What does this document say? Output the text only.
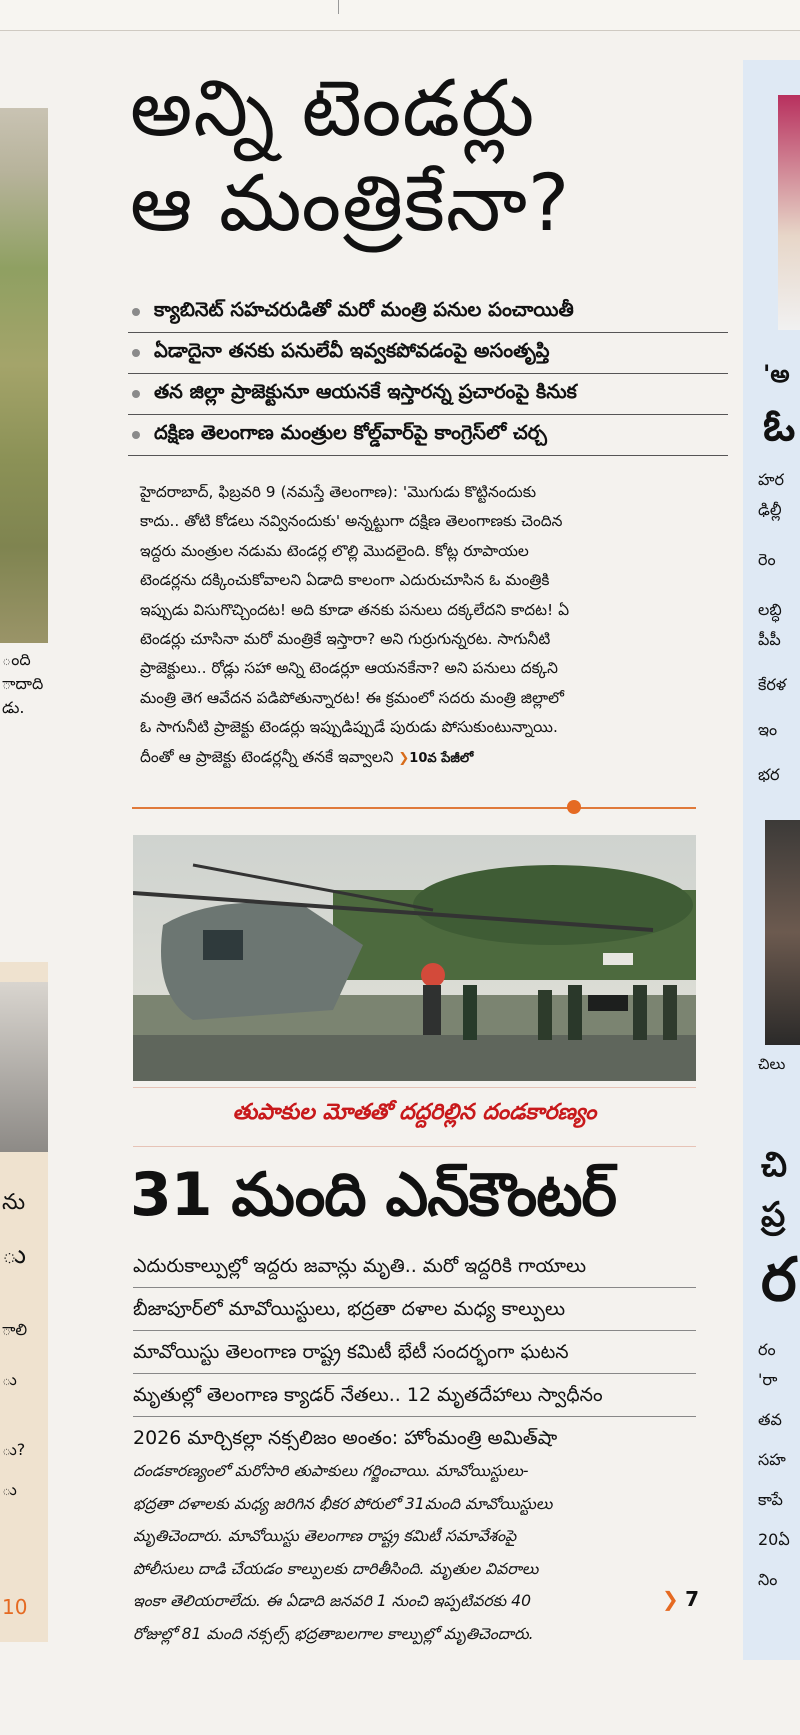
ంది
ాదాది
డు.
ను
ు
ాలి
ు
ు?
ు
10
'అ
ఓ
హర
ఢిల్లీ
రెం
లబ్ధి
పీపీ
కేరళ
ఇం
భర
చిలు
చి
ప్ర
ర
రం
'రా
తవ
సహ
కాపే
20ఏ
నిం
అన్ని టెండర్లు
ఆ మంత్రికేనా?
క్యాబినెట్ సహచరుడితో మరో మంత్రి పనుల పంచాయితీ
ఏడాదైనా తనకు పనులేవీ ఇవ్వకపోవడంపై అసంతృప్తి
తన జిల్లా ప్రాజెక్టునూ ఆయనకే ఇస్తారన్న ప్రచారంపై కినుక
దక్షిణ తెలంగాణ మంత్రుల కోల్డ్‌వార్‌పై కాంగ్రెస్‌లో చర్చ

హైదరాబాద్, ఫిబ్రవరి 9 (నమస్తే తెలంగాణ): 'మొగుడు కొట్టినందుకు

కాదు.. తోటి కోడలు నవ్వినందుకు' అన్నట్టుగా దక్షిణ తెలంగాణకు చెందిన

ఇద్దరు మంత్రుల నడుమ టెండర్ల లొల్లి మొదలైంది. కోట్ల రూపాయల

టెండర్లను దక్కించుకోవాలని ఏడాది కాలంగా ఎదురుచూసిన ఓ మంత్రికి

ఇప్పుడు విసుగొచ్చిందట! అది కూడా తనకు పనులు దక్కలేదని కాదట! ఏ

టెండర్లు చూసినా మరో మంత్రికే ఇస్తారా? అని గుర్రుగున్నరట. సాగునీటి

ప్రాజెక్టులు.. రోడ్లు సహా అన్ని టెండర్లూ ఆయనకేనా? అని పనులు దక్కని

మంత్రి తెగ ఆవేదన పడిపోతున్నారట! ఈ క్రమంలో సదరు మంత్రి జిల్లాలో

ఓ సాగునీటి ప్రాజెక్టు టెండర్లు ఇప్పుడిప్పుడే పురుడు పోసుకుంటున్నాయి.

దీంతో ఆ ప్రాజెక్టు టెండర్లన్నీ తనకే ఇవ్వాలని ❯10వ పేజీలో

తుపాకుల మోతతో దద్దరిల్లిన దండకారణ్యం
31 మంది ఎన్‌కౌంటర్
ఎదురుకాల్పుల్లో ఇద్దరు జవాన్లు మృతి.. మరో ఇద్దరికి గాయాలు
బీజాపూర్‌లో మావోయిస్టులు, భద్రతా దళాల మధ్య కాల్పులు
మావోయిస్టు తెలంగాణ రాష్ట్ర కమిటీ భేటీ సందర్భంగా ఘటన
మృతుల్లో తెలంగాణ క్యాడర్ నేతలు.. 12 మృతదేహాలు స్వాధీనం
2026 మార్చికల్లా నక్సలిజం అంతం: హోంమంత్రి అమిత్‌షా

దండకారణ్యంలో మరోసారి తుపాకులు గర్జించాయి. మావోయిస్టులు-

భద్రతా దళాలకు మధ్య జరిగిన భీకర పోరులో 31మంది మావోయిస్టులు

మృతిచెందారు. మావోయిస్టు తెలంగాణ రాష్ట్ర కమిటీ సమావేశంపై

పోలీసులు దాడి చేయడం కాల్పులకు దారితీసింది. మృతుల వివరాలు

ఇంకా తెలియరాలేదు. ఈ ఏడాది జనవరి 1 నుంచి ఇప్పటివరకు 40

రోజుల్లో 81 మంది నక్సల్స్ భద్రతాబలగాల కాల్పుల్లో మృతిచెందారు.

❯ 7
